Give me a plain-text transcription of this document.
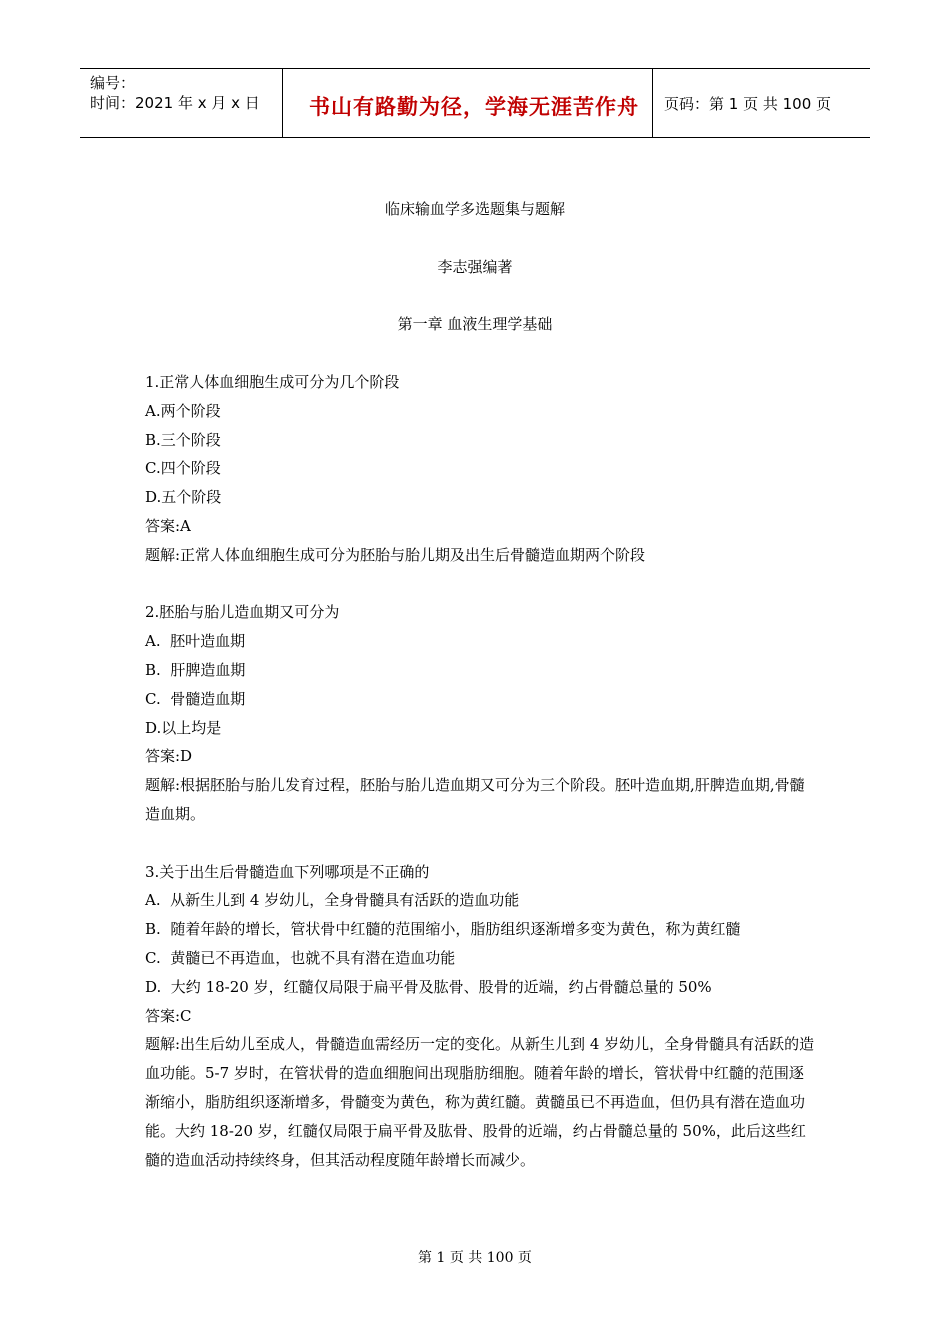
编号：
时间：2021 年 x 月 x 日	书山有路勤为径，学海无涯苦作舟	页码：第 1 页 共 100 页
临床输血学多选题集与题解
李志强编著
第一章 血液生理学基础
1.正常人体血细胞生成可分为几个阶段
A.两个阶段
B.三个阶段
C.四个阶段
D.五个阶段
答案:A
题解:正常人体血细胞生成可分为胚胎与胎儿期及出生后骨髓造血期两个阶段
2.胚胎与胎儿造血期又可分为
A.  胚叶造血期
B.  肝脾造血期
C.  骨髓造血期
D.以上均是
答案:D
题解:根据胚胎与胎儿发育过程，胚胎与胎儿造血期又可分为三个阶段。胚叶造血期,肝脾造血期,骨髓造血期。
3.关于出生后骨髓造血下列哪项是不正确的
A.  从新生儿到 4 岁幼儿，全身骨髓具有活跃的造血功能
B.  随着年龄的增长，管状骨中红髓的范围缩小，脂肪组织逐渐增多变为黄色，称为黄红髓
C.  黄髓已不再造血，也就不具有潜在造血功能
D.  大约 18-20 岁，红髓仅局限于扁平骨及肱骨、股骨的近端，约占骨髓总量的 50%
答案:C
题解:出生后幼儿至成人，骨髓造血需经历一定的变化。从新生儿到 4 岁幼儿，全身骨髓具有活跃的造血功能。5-7 岁时，在管状骨的造血细胞间出现脂肪细胞。随着年龄的增长，管状骨中红髓的范围逐渐缩小，脂肪组织逐渐增多，骨髓变为黄色，称为黄红髓。黄髓虽已不再造血，但仍具有潜在造血功能。大约 18-20 岁，红髓仅局限于扁平骨及肱骨、股骨的近端，约占骨髓总量的 50%，此后这些红髓的造血活动持续终身，但其活动程度随年龄增长而减少。
第 1 页 共 100 页
